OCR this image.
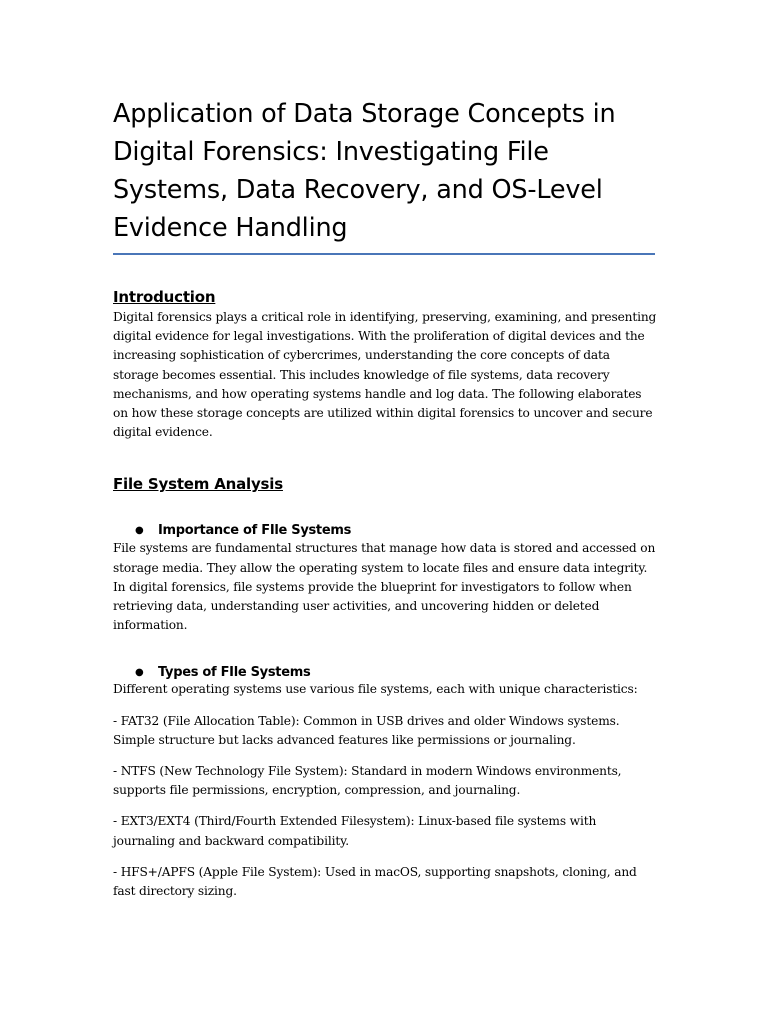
Application of Data Storage Concepts in Digital Forensics: Investigating File Systems, Data Recovery, and OS-Level Evidence Handling
Introduction

Digital forensics plays a critical role in identifying, preserving, examining, and presenting digital evidence for legal investigations. With the proliferation of digital devices and the increasing sophistication of cybercrimes, understanding the core concepts of data storage becomes essential. This includes knowledge of file systems, data recovery mechanisms, and how operating systems handle and log data. The following elaborates on how these storage concepts are utilized within digital forensics to uncover and secure digital evidence.

File System Analysis
●	Importance of FIle Systems

File systems are fundamental structures that manage how data is stored and accessed on storage media. They allow the operating system to locate files and ensure data integrity. In digital forensics, file systems provide the blueprint for investigators to follow when retrieving data, understanding user activities, and uncovering hidden or deleted information.

●	Types of FIle Systems

Different operating systems use various file systems, each with unique characteristics:

- FAT32 (File Allocation Table): Common in USB drives and older Windows systems. Simple structure but lacks advanced features like permissions or journaling.

- NTFS (New Technology File System): Standard in modern Windows environments, supports file permissions, encryption, compression, and journaling.

- EXT3/EXT4 (Third/Fourth Extended Filesystem): Linux-based file systems with journaling and backward compatibility.

- HFS+/APFS (Apple File System): Used in macOS, supporting snapshots, cloning, and fast directory sizing.
